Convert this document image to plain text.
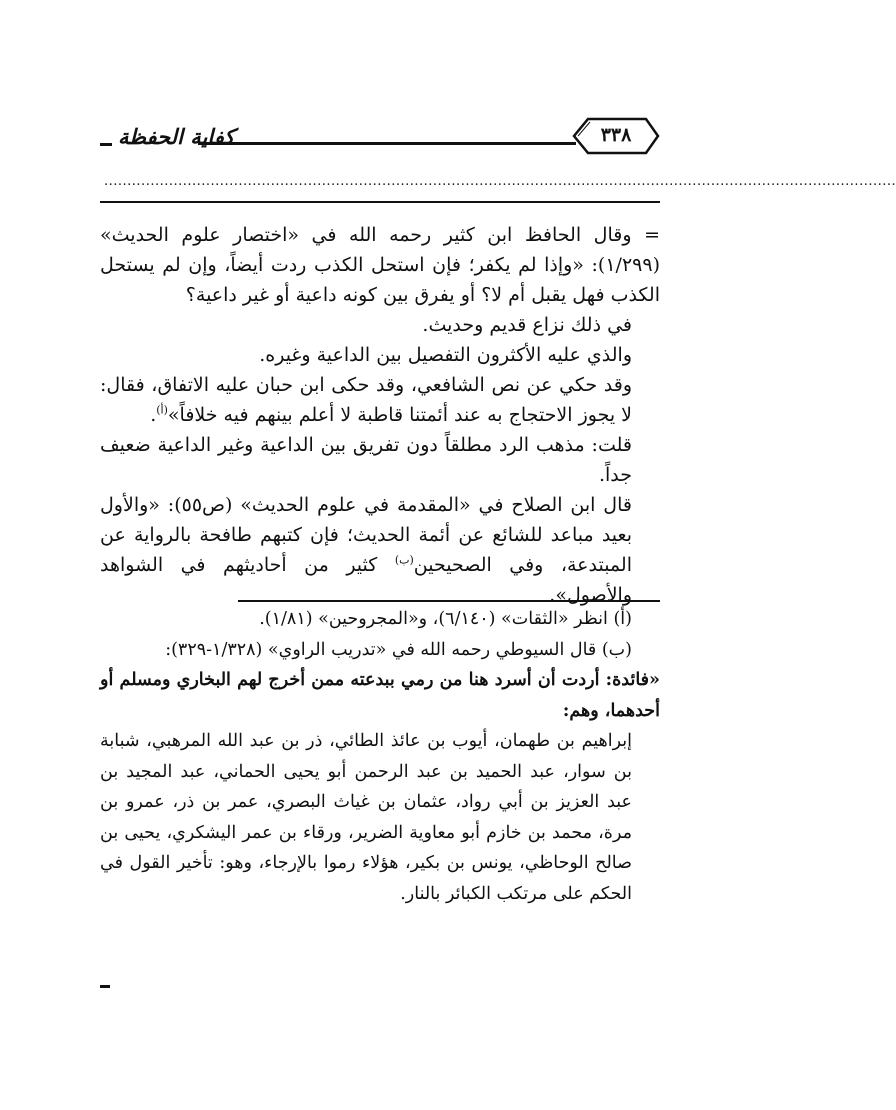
٣٣٨
كفاية الحفظة
...........................................................................................................................................................................

= وقال الحافظ ابن كثير رحمه الله في «اختصار علوم الحديث» (١/٢٩٩): «وإذا لم يكفر؛ فإن استحل الكذب ردت أيضاً، وإن لم يستحل الكذب فهل يقبل أم لا؟ أو يفرق بين كونه داعية أو غير داعية؟

في ذلك نزاع قديم وحديث.

والذي عليه الأكثرون التفصيل بين الداعية وغيره.

وقد حكي عن نص الشافعي، وقد حكى ابن حبان عليه الاتفاق، فقال: لا يجوز الاحتجاج به عند أئمتنا قاطبة لا أعلم بينهم فيه خلافاً»$^{(أ)}$.

قلت: مذهب الرد مطلقاً دون تفريق بين الداعية وغير الداعية ضعيف جداً.

قال ابن الصلاح في «المقدمة في علوم الحديث» (ص٥٥): «والأول بعيد مباعد للشائع عن أئمة الحديث؛ فإن كتبهم طافحة بالرواية عن المبتدعة، وفي الصحيحين$^{(ب)}$ كثير من أحاديثهم في الشواهد والأصول».

(أ) انظر «الثقات» (٦/١٤٠)، و«المجروحين» (١/٨١).

(ب) قال السيوطي رحمه الله في «تدريب الراوي» (١/٣٢٨-٣٢٩):

«فائدة: أردت أن أسرد هنا من رمي ببدعته ممن أخرج لهم البخاري ومسلم أو أحدهما، وهم:

إبراهيم بن طهمان، أيوب بن عائذ الطائي، ذر بن عبد الله المرهبي، شبابة بن سوار، عبد الحميد بن عبد الرحمن أبو يحيى الحماني، عبد المجيد بن عبد العزيز بن أبي رواد، عثمان بن غياث البصري، عمر بن ذر، عمرو بن مرة، محمد بن خازم أبو معاوية الضرير، ورقاء بن عمر اليشكري، يحيى بن صالح الوحاظي، يونس بن بكير، هؤلاء رموا بالإرجاء، وهو: تأخير القول في الحكم على مرتكب الكبائر بالنار.
